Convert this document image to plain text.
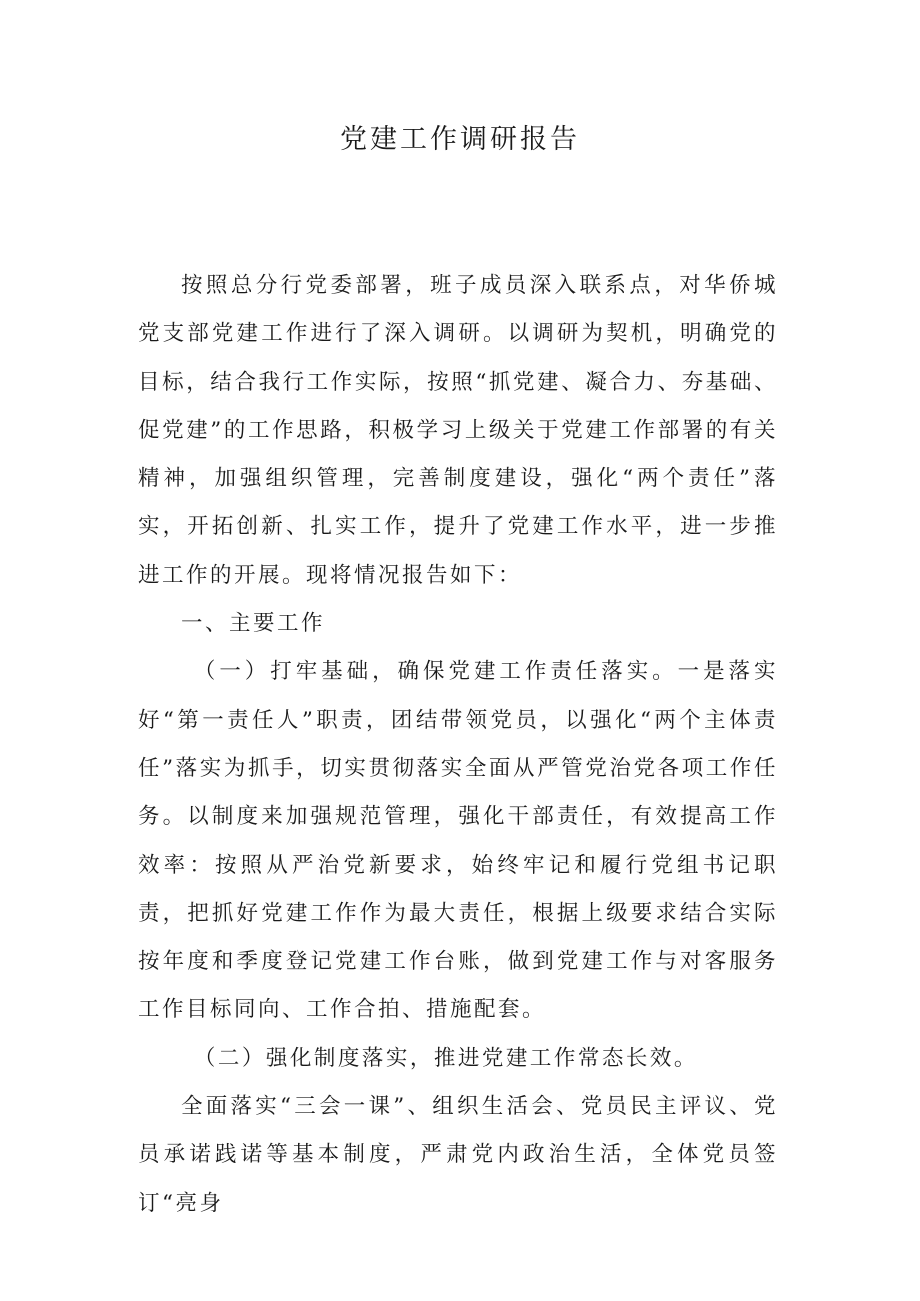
党建工作调研报告

按照总分行党委部署，班子成员深入联系点，对华侨城党支部党建工作进行了深入调研。以调研为契机，明确党的目标，结合我行工作实际，按照“抓党建、凝合力、夯基础、促党建”的工作思路，积极学习上级关于党建工作部署的有关精神，加强组织管理，完善制度建设，强化“两个责任”落实，开拓创新、扎实工作，提升了党建工作水平，进一步推进工作的开展。现将情况报告如下：

一、主要工作

（一）打牢基础，确保党建工作责任落实。一是落实好“第一责任人”职责，团结带领党员，以强化“两个主体责任”落实为抓手，切实贯彻落实全面从严管党治党各项工作任务。以制度来加强规范管理，强化干部责任，有效提高工作效率：按照从严治党新要求，始终牢记和履行党组书记职责，把抓好党建工作作为最大责任，根据上级要求结合实际按年度和季度登记党建工作台账，做到党建工作与对客服务工作目标同向、工作合拍、措施配套。

（二）强化制度落实，推进党建工作常态长效。

全面落实“三会一课”、组织生活会、党员民主评议、党员承诺践诺等基本制度，严肃党内政治生活，全体党员签订“亮身
